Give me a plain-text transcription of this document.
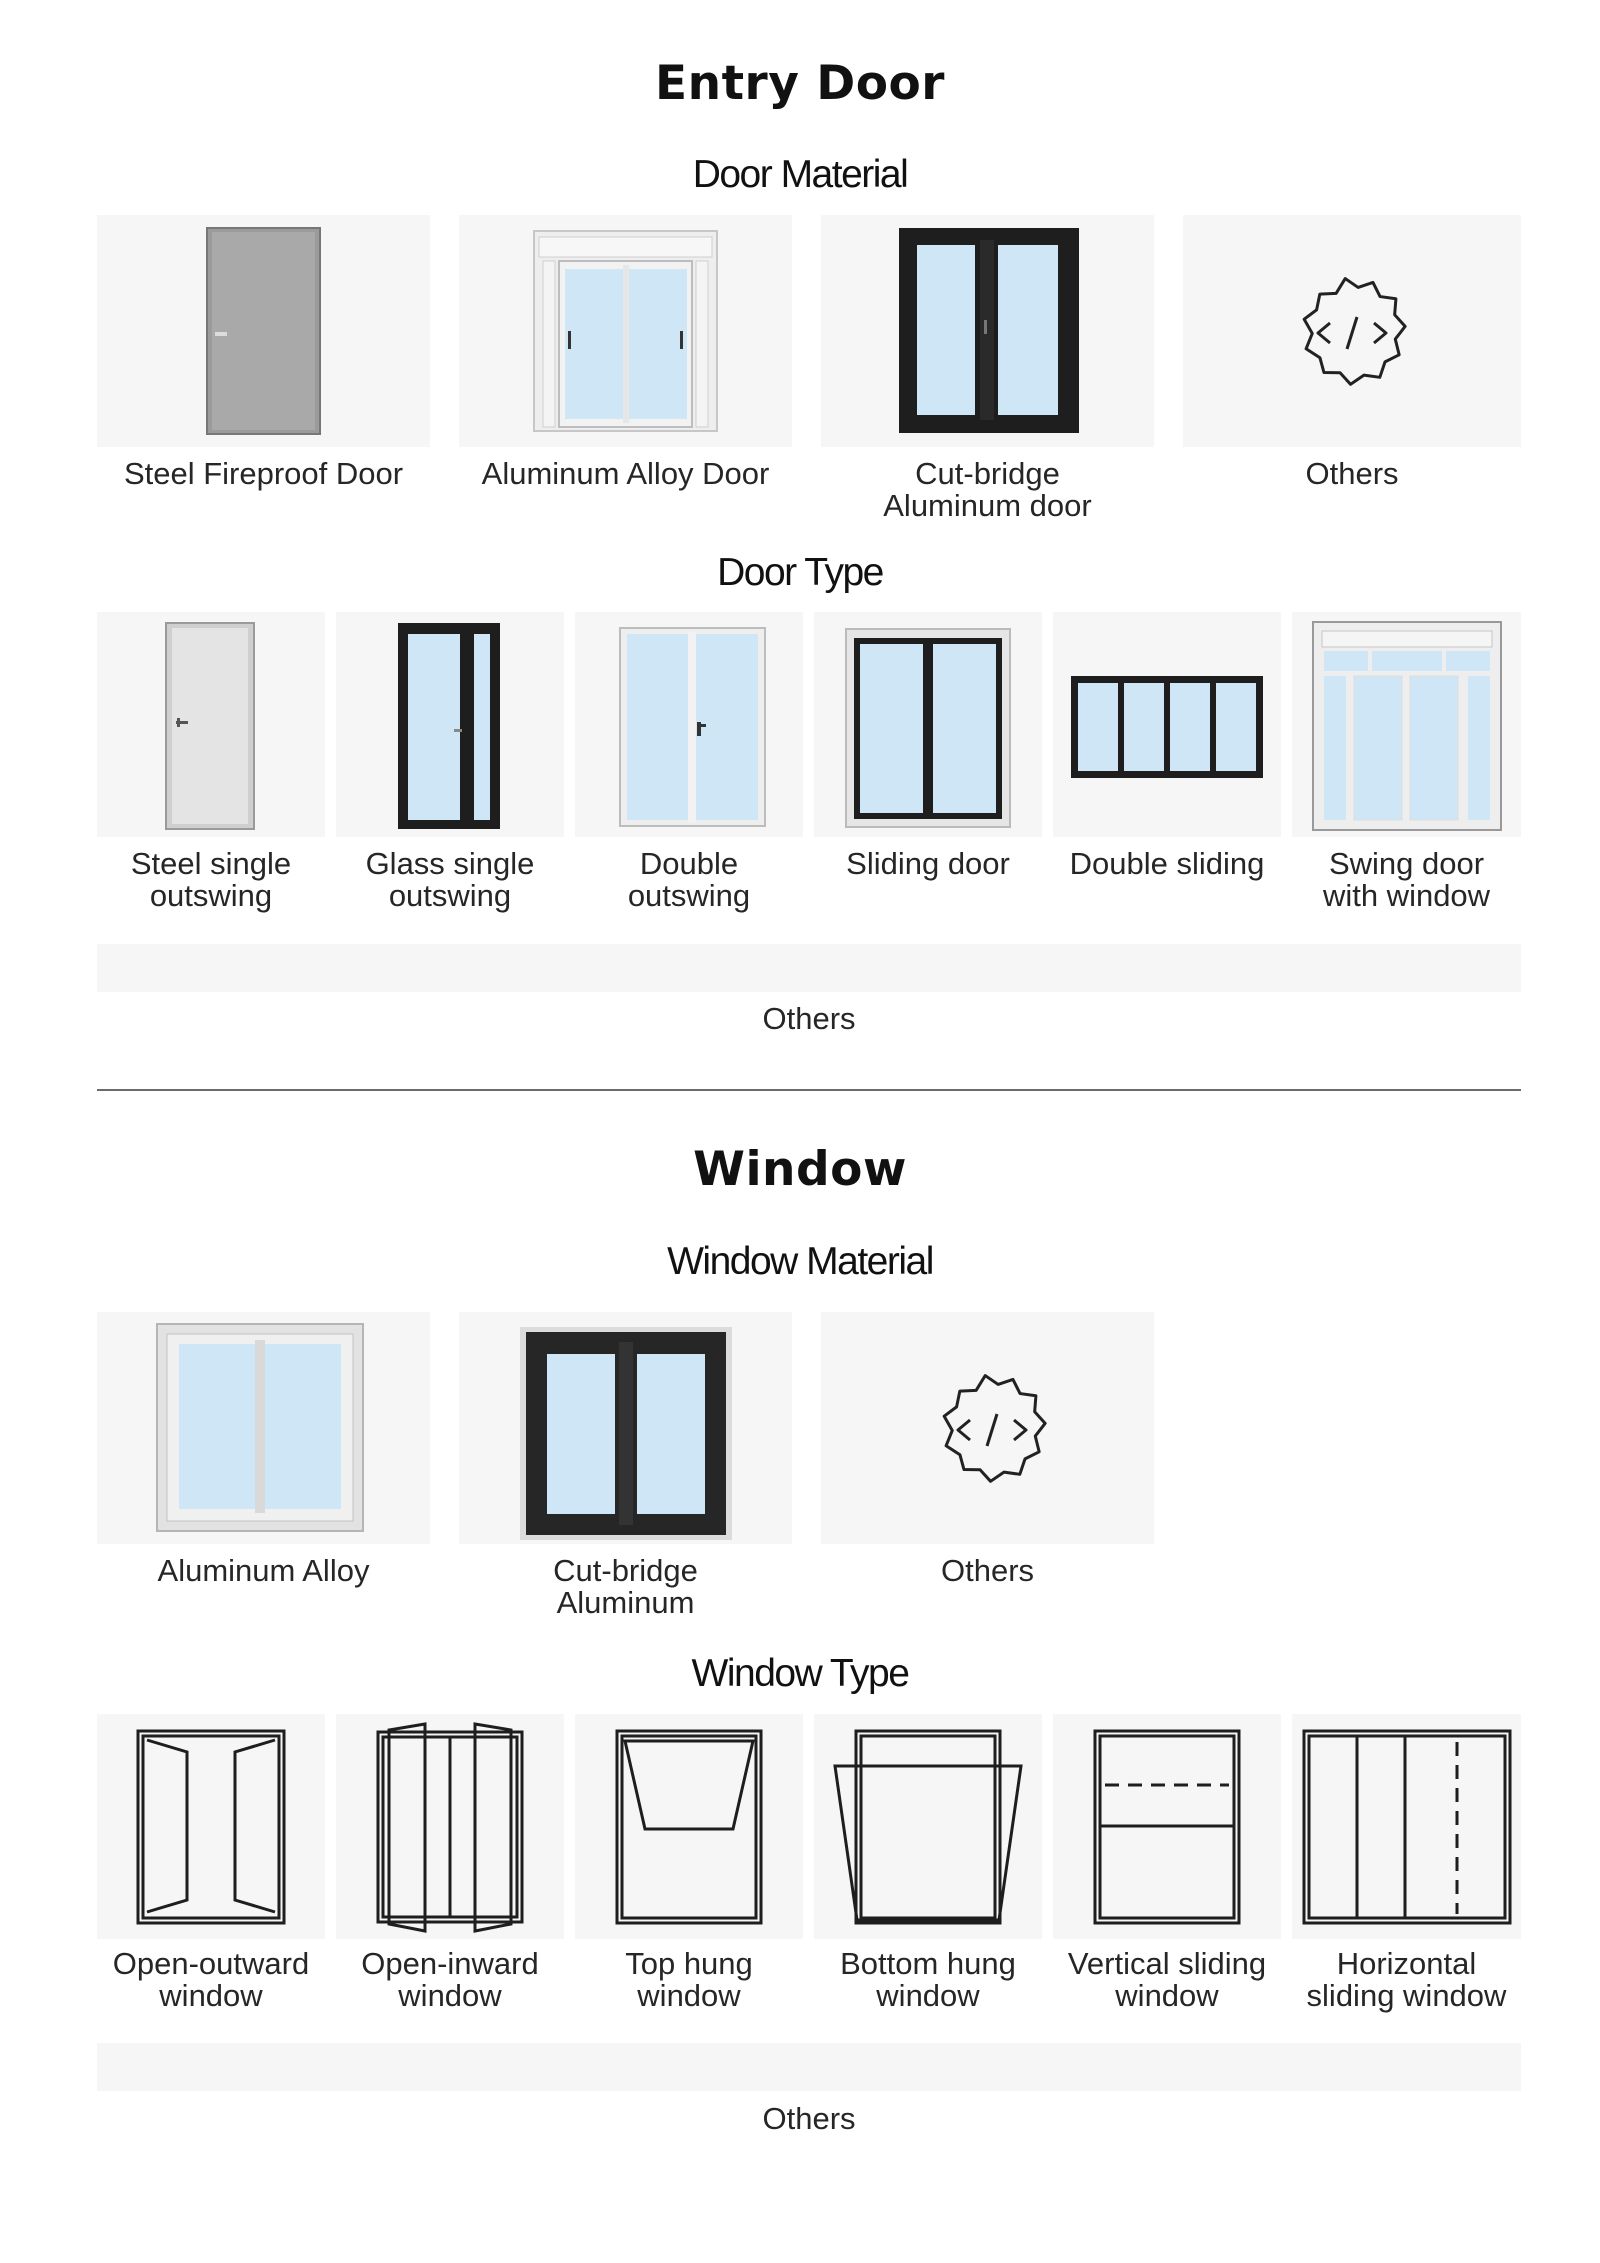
Entry Door
Door Material
Steel Fireproof Door	Aluminum Alloy Door	Cut-bridge
Aluminum door
Others
Door Type
Steel single
outswing
Glass single
outswing
Double
outswing
Sliding door	Double sliding	Swing door
with window
Others
Window
Window Material
Aluminum Alloy	Cut-bridge
Aluminum
Others
Window Type
Open-outward
window
Open-inward
window
Top hung
window
Bottom hung
window
Vertical sliding
window
Horizontal
sliding window
Others
